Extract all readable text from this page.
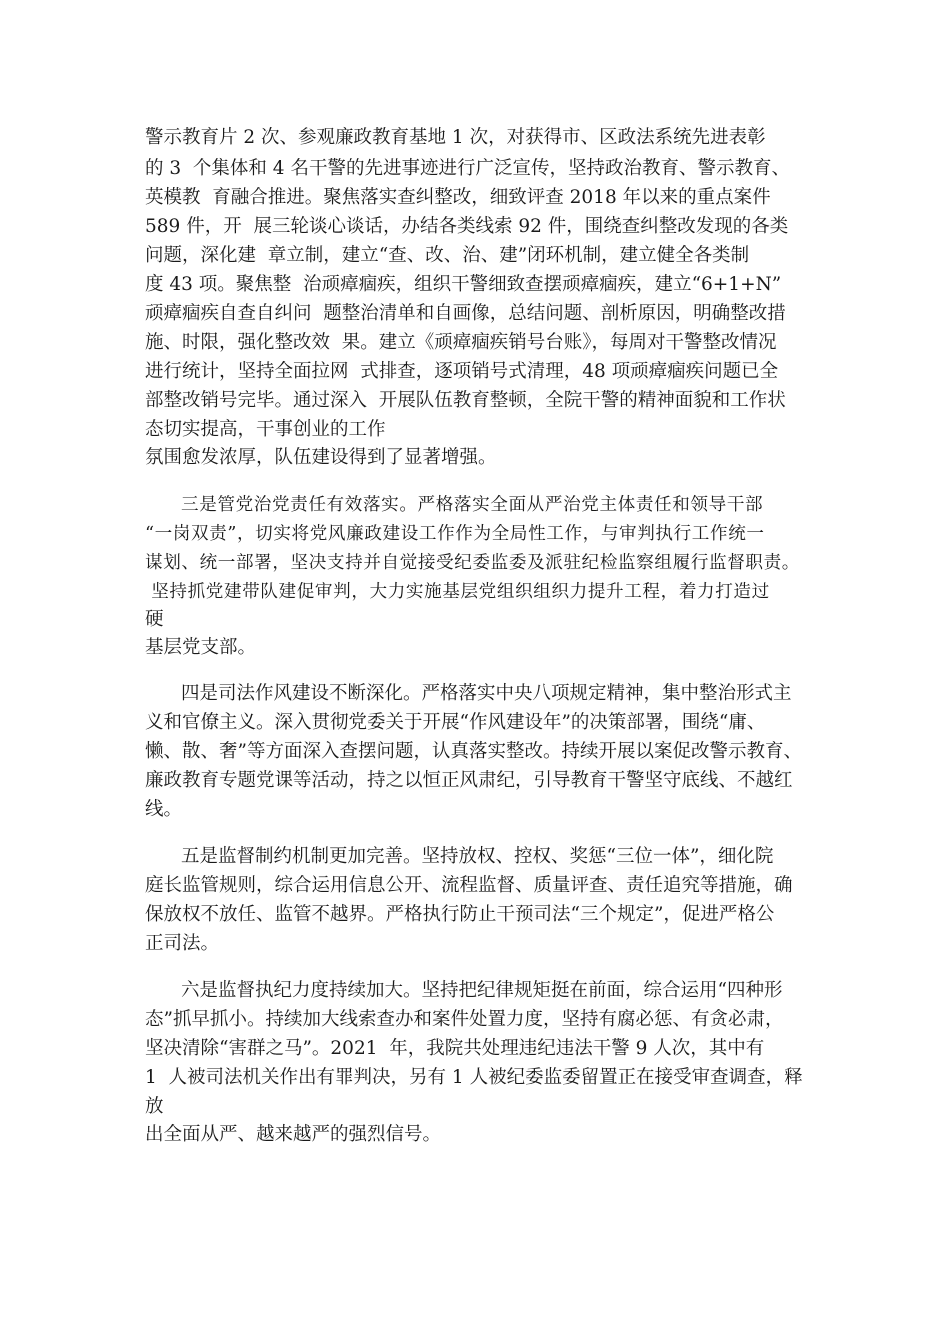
警示教育片 2 次、参观廉政教育基地 1 次，对获得市、区政法系统先进表彰
的 3  个集体和 4 名干警的先进事迹进行广泛宣传，坚持政治教育、警示教育、
英模教  育融合推进。聚焦落实查纠整改，细致评查 2018 年以来的重点案件
589 件，开  展三轮谈心谈话，办结各类线索 92 件，围绕查纠整改发现的各类
问题，深化建  章立制，建立“查、改、治、建”闭环机制，建立健全各类制
度 43 项。聚焦整  治顽瘴痼疾，组织干警细致查摆顽瘴痼疾，建立“6+1+N”
顽瘴痼疾自查自纠问  题整治清单和自画像，总结问题、剖析原因，明确整改措
施、时限，强化整改效  果。建立《顽瘴痼疾销号台账》，每周对干警整改情况
进行统计，坚持全面拉网  式排查，逐项销号式清理，48 项顽瘴痼疾问题已全
部整改销号完毕。通过深入  开展队伍教育整顿，全院干警的精神面貌和工作状
态切实提高，干事创业的工作
氛围愈发浓厚，队伍建设得到了显著增强。
三是管党治党责任有效落实。严格落实全面从严治党主体责任和领导干部
“一岗双责”，切实将党风廉政建设工作作为全局性工作，与审判执行工作统一
谋划、统一部署，坚决支持并自觉接受纪委监委及派驻纪检监察组履行监督职责。
坚持抓党建带队建促审判，大力实施基层党组织组织力提升工程，着力打造过
硬
基层党支部。
四是司法作风建设不断深化。严格落实中央八项规定精神，集中整治形式主
义和官僚主义。深入贯彻党委关于开展“作风建设年”的决策部署，围绕“庸、
懒、散、奢”等方面深入查摆问题，认真落实整改。持续开展以案促改警示教育、
廉政教育专题党课等活动，持之以恒正风肃纪，引导教育干警坚守底线、不越红
线。
五是监督制约机制更加完善。坚持放权、控权、奖惩“三位一体”，细化院
庭长监管规则，综合运用信息公开、流程监督、质量评查、责任追究等措施，确
保放权不放任、监管不越界。严格执行防止干预司法“三个规定”，促进严格公
正司法。
六是监督执纪力度持续加大。坚持把纪律规矩挺在前面，综合运用“四种形
态”抓早抓小。持续加大线索查办和案件处置力度，坚持有腐必惩、有贪必肃，
坚决清除“害群之马”。2021  年，我院共处理违纪违法干警 9 人次，其中有
1  人被司法机关作出有罪判决，另有 1 人被纪委监委留置正在接受审查调查，释
放
出全面从严、越来越严的强烈信号。
